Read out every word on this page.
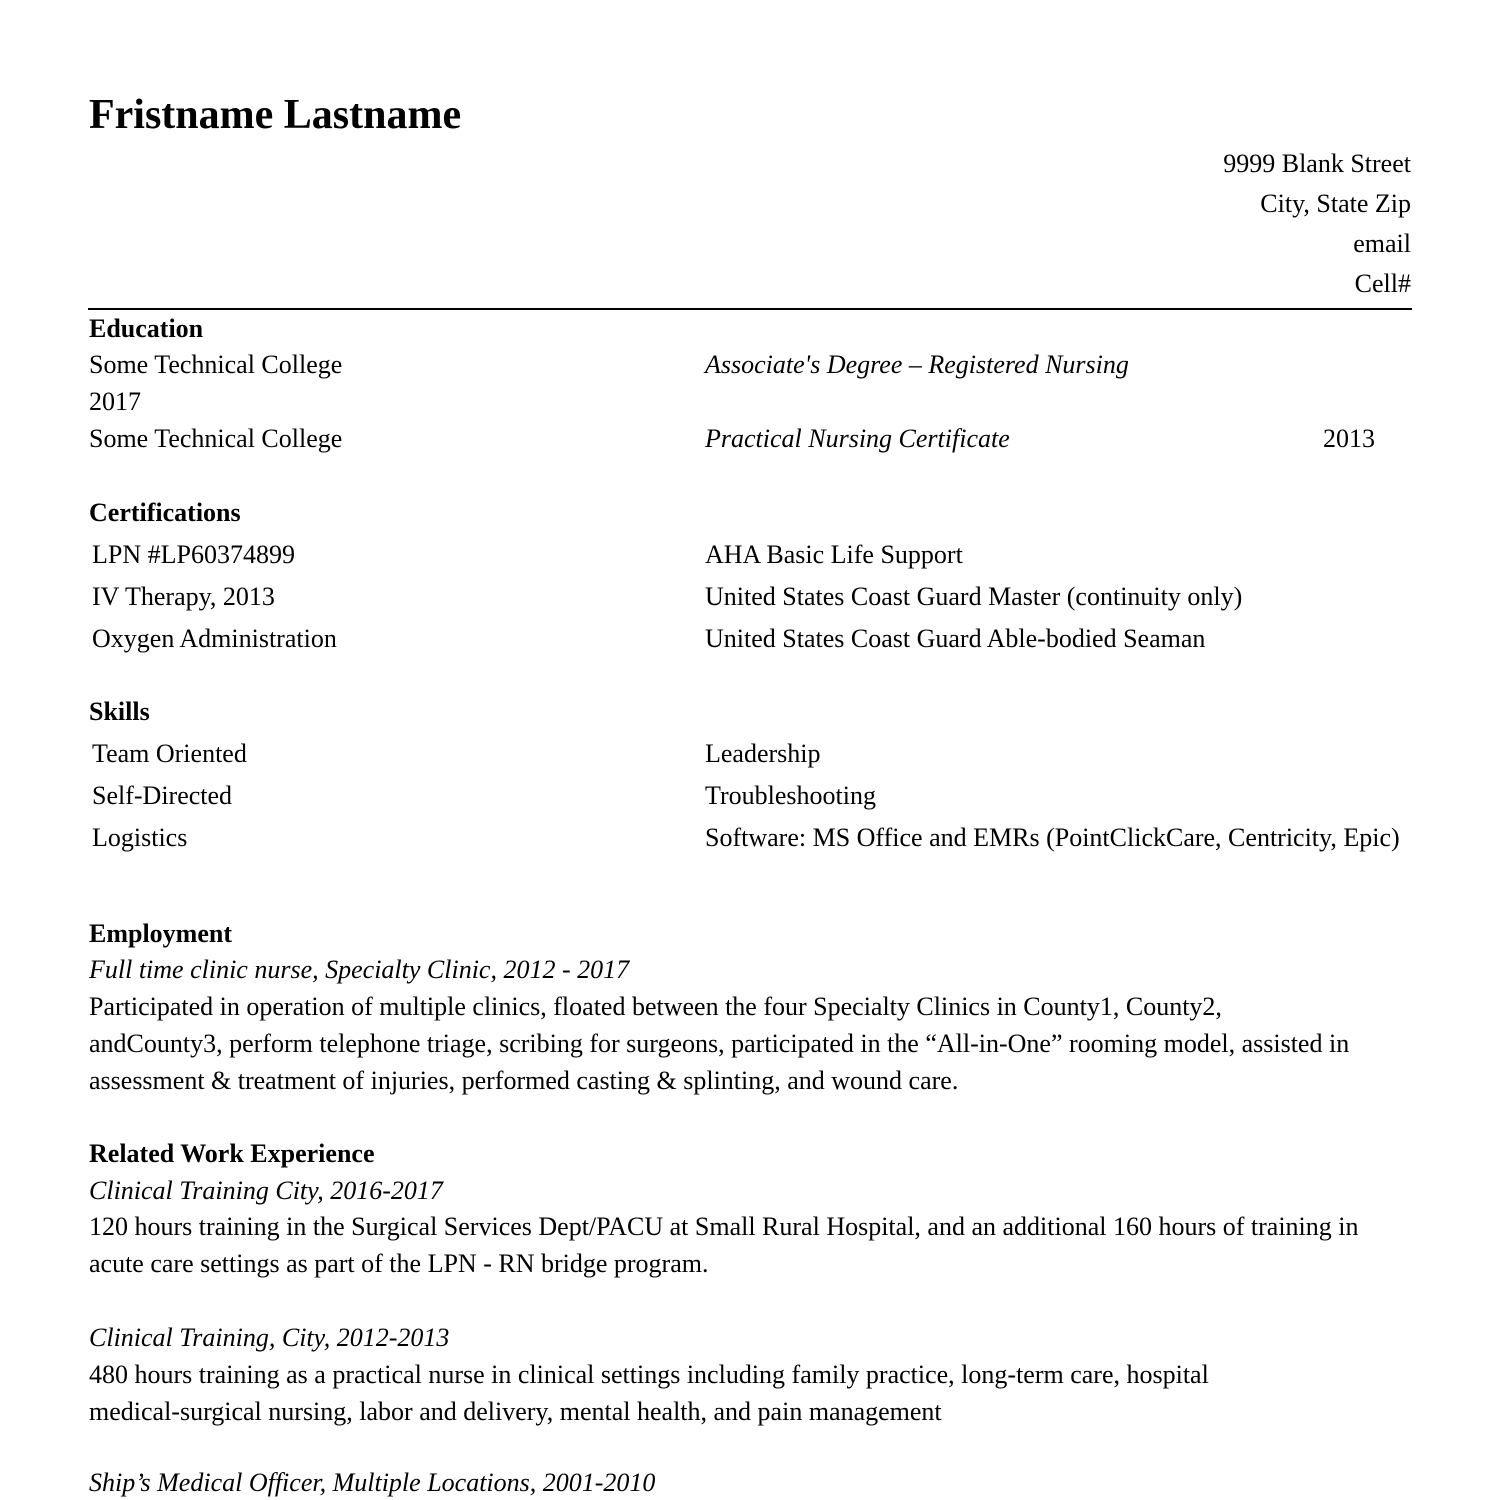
Fristname Lastname
9999 Blank Street
City, State Zip
email
Cell#
Education
Some Technical College	Associate's Degree – Registered Nursing
2017
Some Technical College	Practical Nursing Certificate	2013
Certifications
LPN #LP60374899	AHA Basic Life Support
IV Therapy, 2013	United States Coast Guard Master (continuity only)
Oxygen Administration	United States Coast Guard Able-bodied Seaman
Skills
Team Oriented	Leadership
Self-Directed	Troubleshooting
Logistics	Software: MS Office and EMRs (PointClickCare, Centricity, Epic)
Employment
Full time clinic nurse, Specialty Clinic, 2012 - 2017
Participated in operation of multiple clinics, floated between the four Specialty Clinics in County1, County2,
andCounty3, perform telephone triage, scribing for surgeons, participated in the “All-in-One” rooming model, assisted in
assessment & treatment of injuries, performed casting & splinting, and wound care.
Related Work Experience
Clinical Training City, 2016-2017
120 hours training in the Surgical Services Dept/PACU at Small Rural Hospital, and an additional 160 hours of training in
acute care settings as part of the LPN - RN bridge program.
Clinical Training, City, 2012-2013
480 hours training as a practical nurse in clinical settings including family practice, long-term care, hospital
medical-surgical nursing, labor and delivery, mental health, and pain management
Ship’s Medical Officer, Multiple Locations, 2001-2010
